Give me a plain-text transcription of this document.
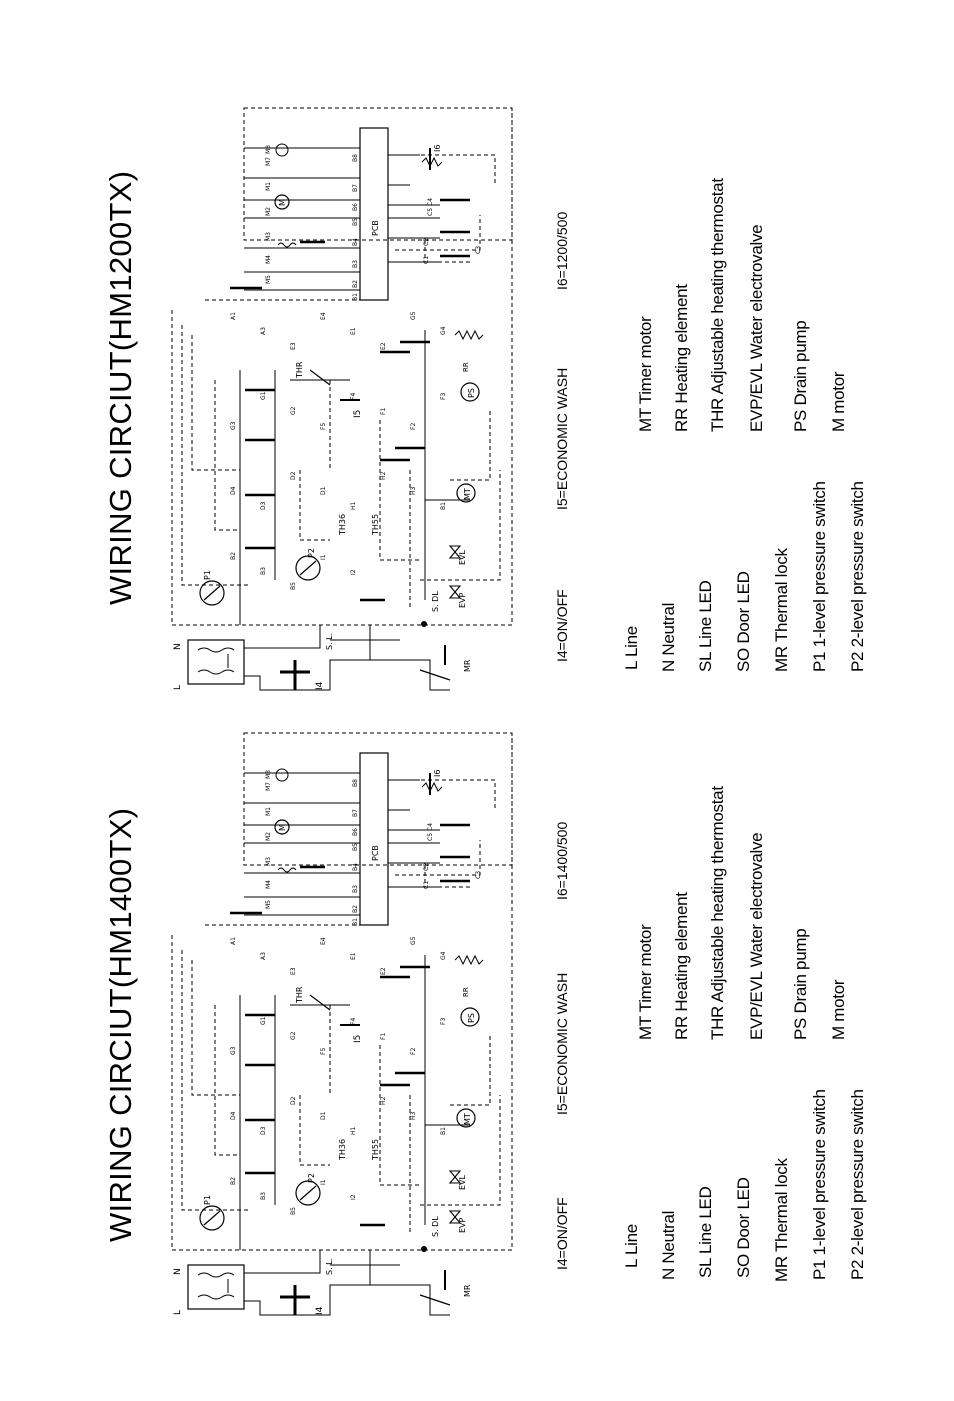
WIRING CIRCIUT(HM1400TX)	I4=ON/OFF
I5=ECONOMIC WASH
I6=1400/500
L Line N Neutral SL Line LED SO Door LED MR Thermal lock P1 1-level pressure switch P2 2-level pressure switch
MT Timer motor RR Heating element THR Adjustable heating thermostat EVP/EVL Water electrovalve PS Drain pump M motor
WIRING CIRCIUT(HM1200TX)
I4=ON/OFF
I5=ECONOMIC WASH
I6=1200/500
L Line N Neutral SL Line LED SO Door LED MR Thermal lock P1 1-level pressure switch P2 2-level pressure switch
MT Timer motor RR Heating element THR Adjustable heating thermostat EVP/EVL Water electrovalve PS Drain pump M motor
M8
M7
M1
M2
M3
M4
M5
B8
B7
B6
B5
B4
B3
B2
B1
C5
C4
C2
C1
C3
A1
A3
E3
E4
E1
E2
G5
G4
G3
G1
G2
F5
F4
F1
F2
F3
D4
D3
D2
D1
H1
H2
H3
B1
B2
B3
B5
I1
I2
M8
M7
M1
M2
M3
M4
M5
B8
B7
B6
B5
B4
B3
B2
B1
C5
C4
C2
C1
C3
A1
A3
E3
E4
E1
E2
G5
G4
G3
G1
G2
F5
F4
F1
F2
F3
D4
D3
D2
D1
H1
H2
H3
B1
B2
B3
B5
I1
I2
